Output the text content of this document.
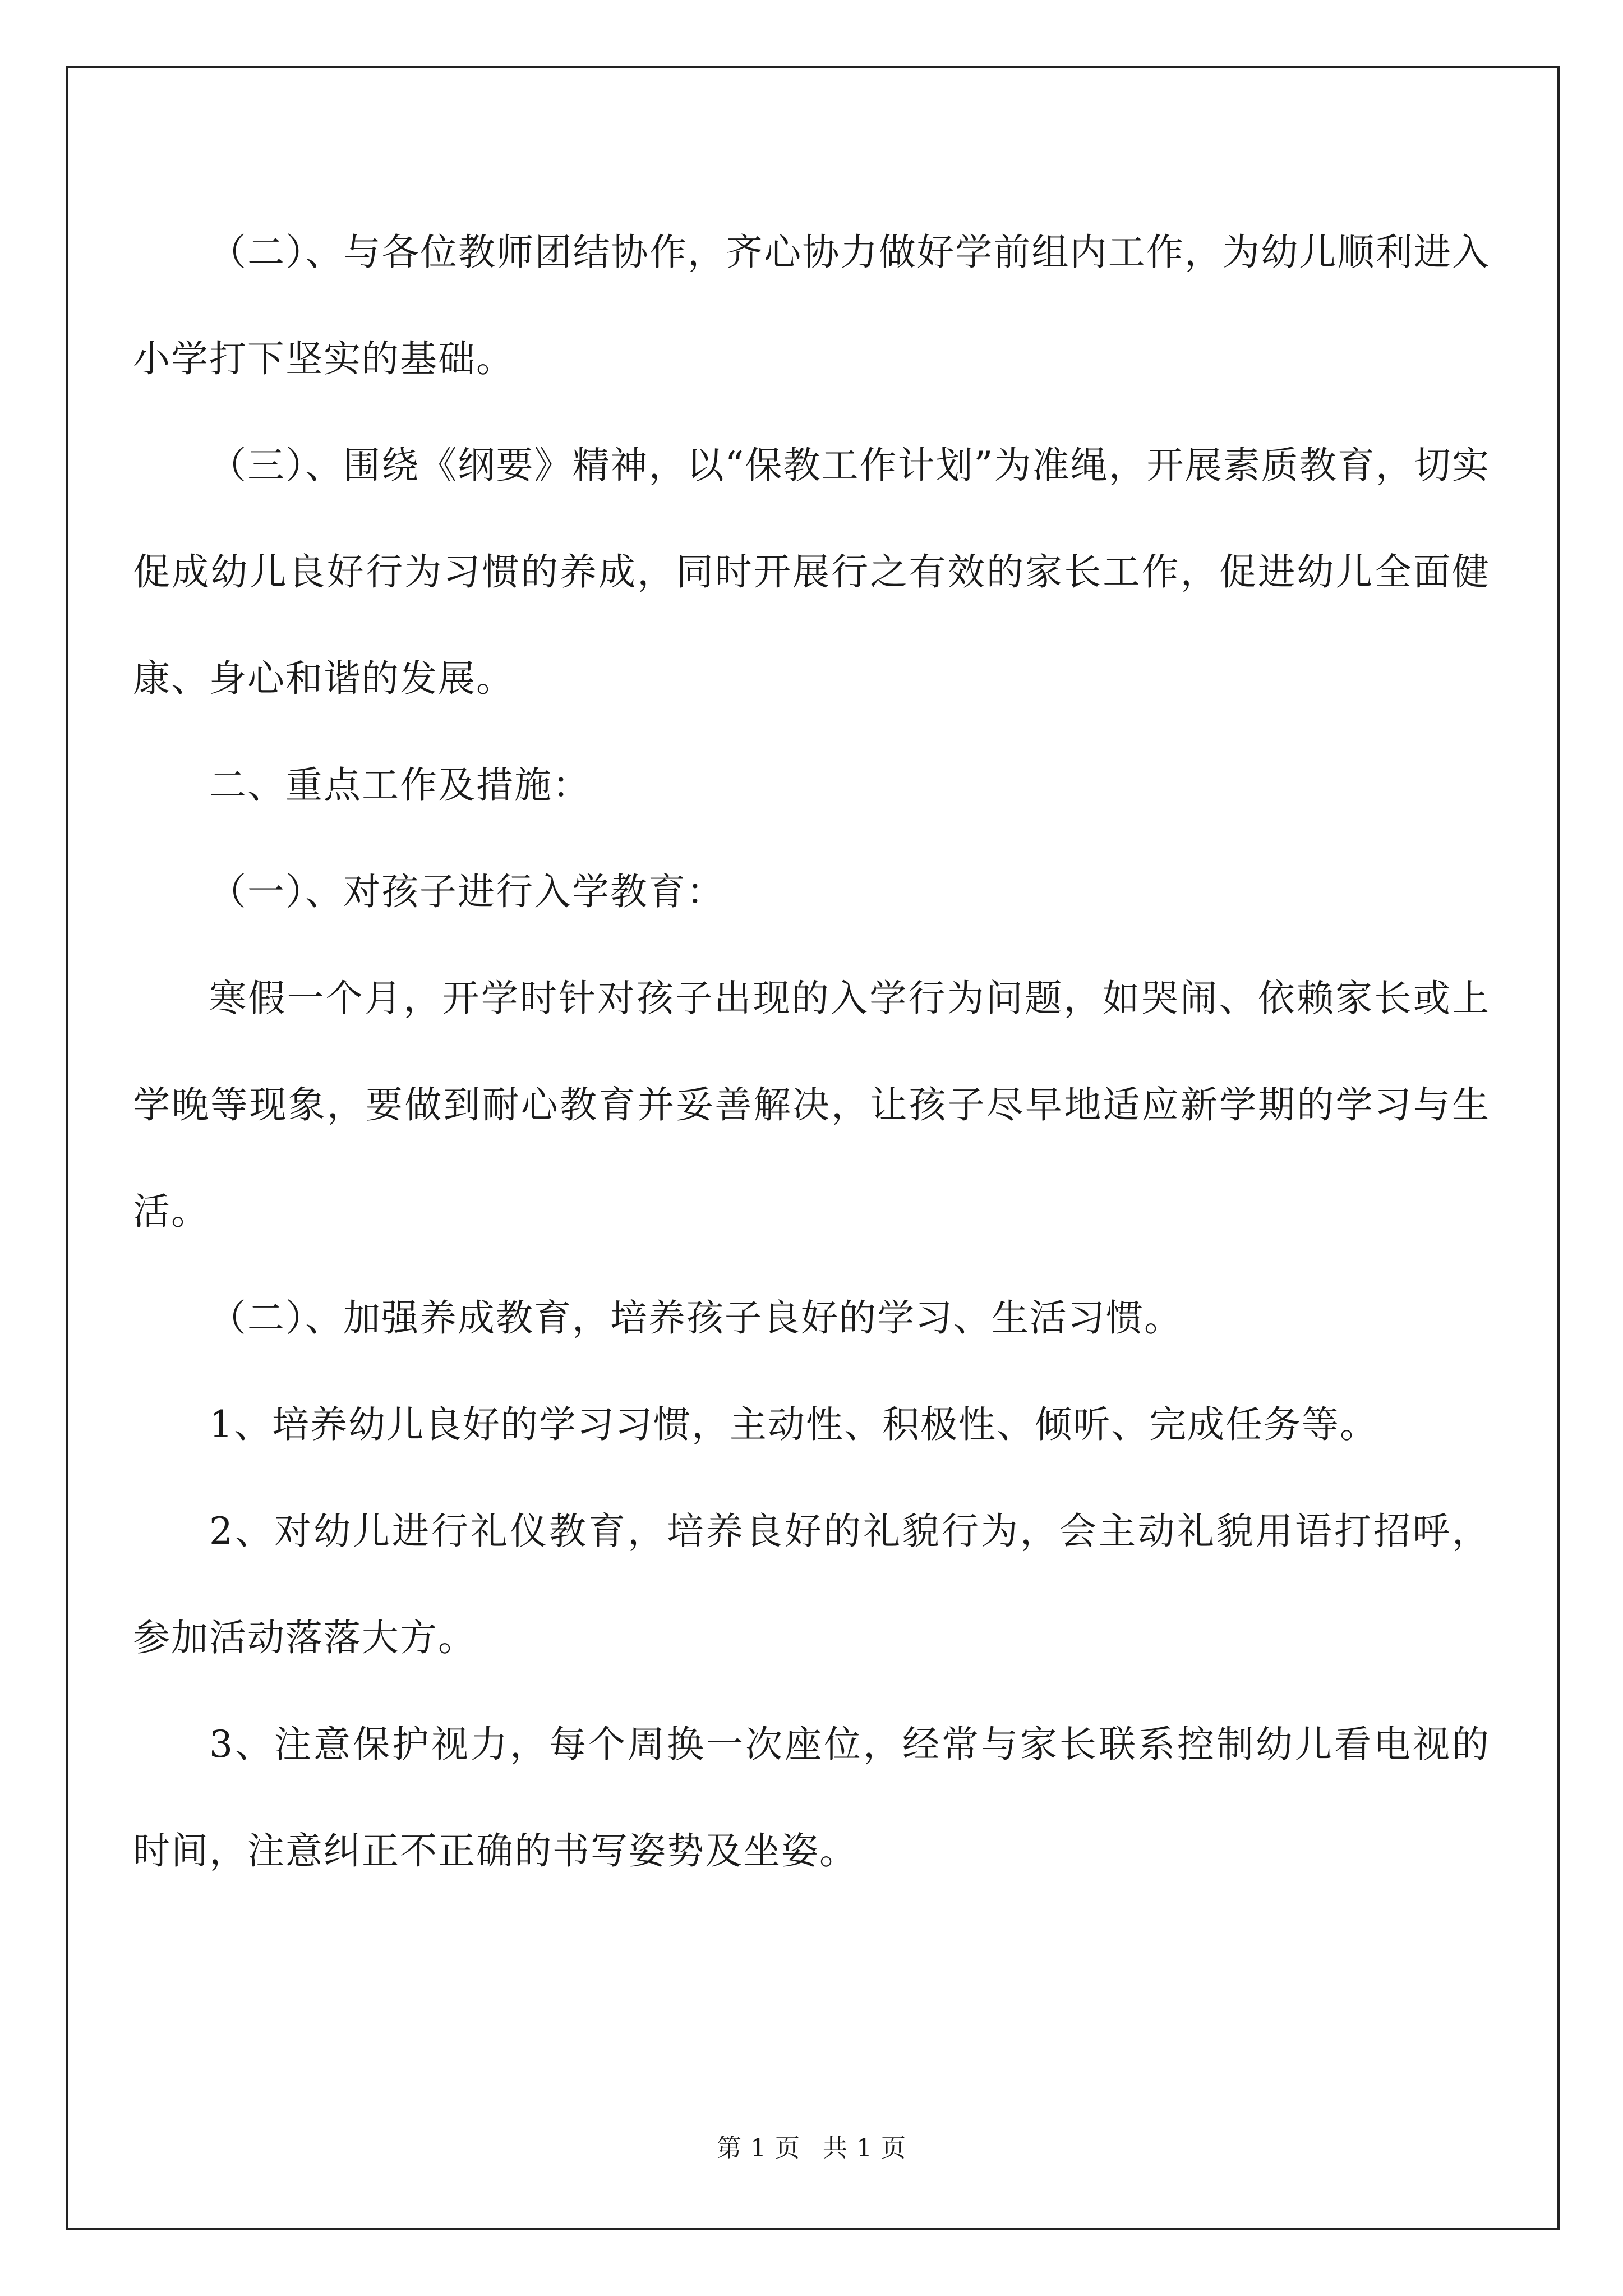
（二）、与各位教师团结协作，齐心协力做好学前组内工作，为幼儿顺利进入小学打下坚实的基础。

（三）、围绕《纲要》精神，以“保教工作计划”为准绳，开展素质教育，切实促成幼儿良好行为习惯的养成，同时开展行之有效的家长工作，促进幼儿全面健康、身心和谐的发展。

二、重点工作及措施：

（一）、对孩子进行入学教育：

寒假一个月，开学时针对孩子出现的入学行为问题，如哭闹、依赖家长或上学晚等现象，要做到耐心教育并妥善解决，让孩子尽早地适应新学期的学习与生活。

（二）、加强养成教育，培养孩子良好的学习、生活习惯。

1、培养幼儿良好的学习习惯，主动性、积极性、倾听、完成任务等。

2、对幼儿进行礼仪教育，培养良好的礼貌行为，会主动礼貌用语打招呼，参加活动落落大方。

3、注意保护视力，每个周换一次座位，经常与家长联系控制幼儿看电视的时间，注意纠正不正确的书写姿势及坐姿。

第 1 页 共 1 页
